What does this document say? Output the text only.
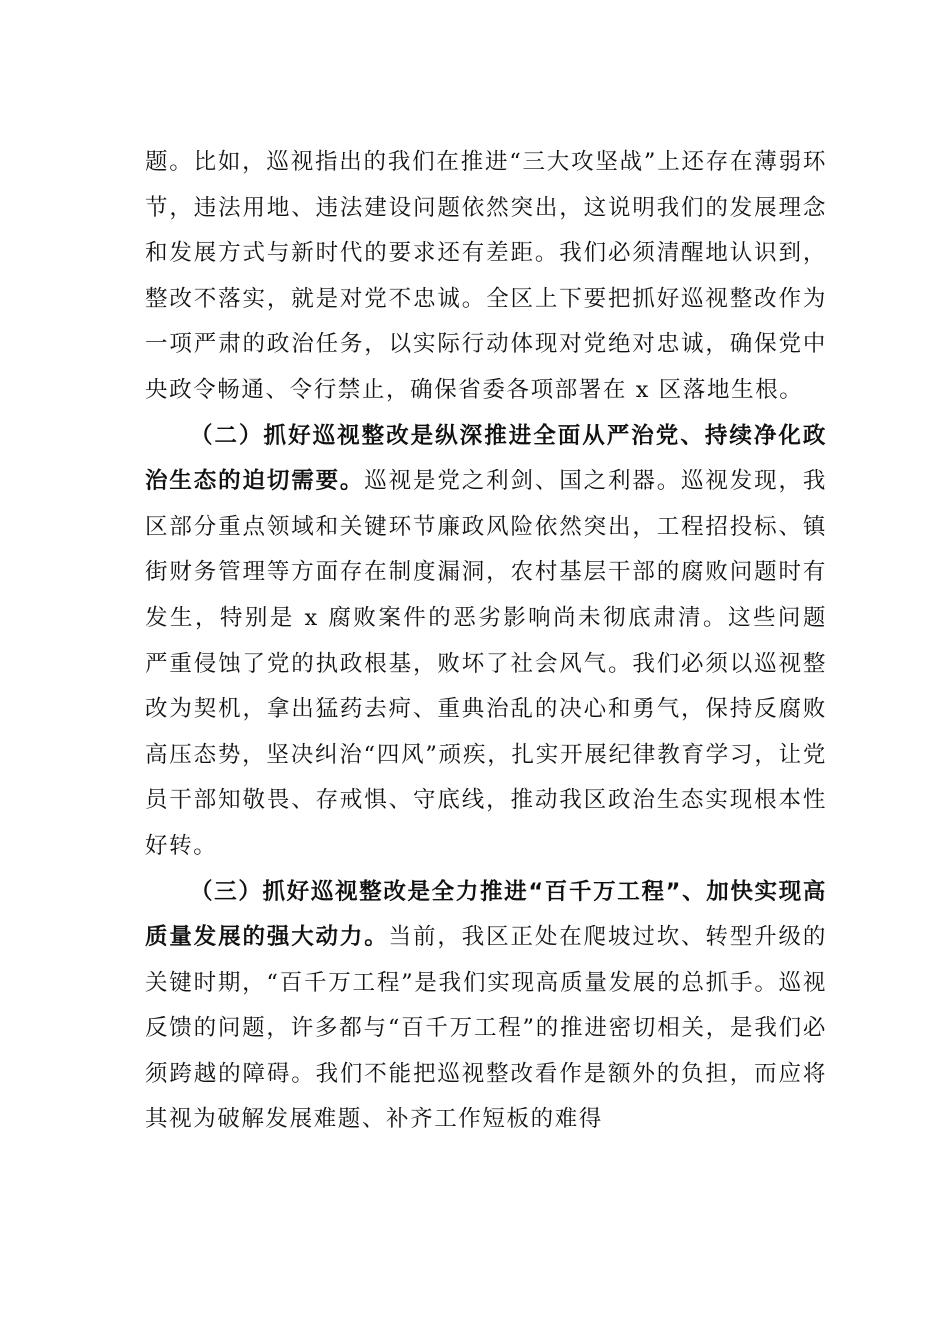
题。比如，巡视指出的我们在推进“三大攻坚战”上还存在薄弱环节，违法用地、违法建设问题依然突出，这说明我们的发展理念和发展方式与新时代的要求还有差距。我们必须清醒地认识到，整改不落实，就是对党不忠诚。全区上下要把抓好巡视整改作为一项严肃的政治任务，以实际行动体现对党绝对忠诚，确保党中央政令畅通、令行禁止，确保省委各项部署在 x 区落地生根。

（二）抓好巡视整改是纵深推进全面从严治党、持续净化政治生态的迫切需要。巡视是党之利剑、国之利器。巡视发现，我区部分重点领域和关键环节廉政风险依然突出，工程招投标、镇街财务管理等方面存在制度漏洞，农村基层干部的腐败问题时有发生，特别是 x 腐败案件的恶劣影响尚未彻底肃清。这些问题严重侵蚀了党的执政根基，败坏了社会风气。我们必须以巡视整改为契机，拿出猛药去疴、重典治乱的决心和勇气，保持反腐败高压态势，坚决纠治“四风”顽疾，扎实开展纪律教育学习，让党员干部知敬畏、存戒惧、守底线，推动我区政治生态实现根本性好转。

（三）抓好巡视整改是全力推进“百千万工程”、加快实现高质量发展的强大动力。当前，我区正处在爬坡过坎、转型升级的关键时期，“百千万工程”是我们实现高质量发展的总抓手。巡视反馈的问题，许多都与“百千万工程”的推进密切相关，是我们必须跨越的障碍。我们不能把巡视整改看作是额外的负担，而应将其视为破解发展难题、补齐工作短板的难得
